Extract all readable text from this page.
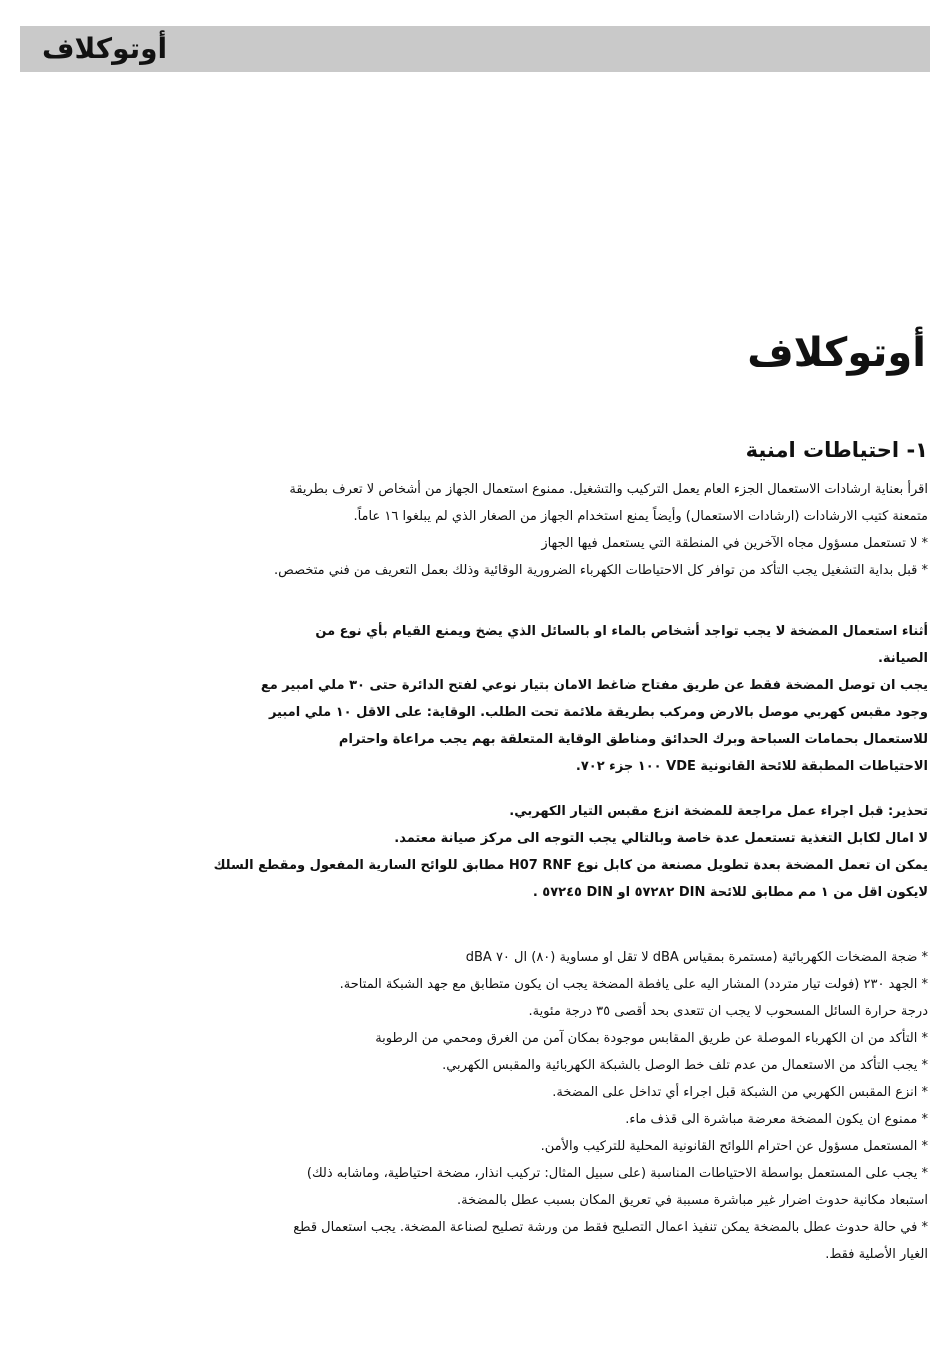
أوتوكلاف
أوتوكلاف
١- احتياطات امنية
اقرأ بعناية ارشادات الاستعمال الجزء العام يعمل التركيب والتشغيل. ممنوع استعمال الجهاز من أشخاص لا تعرف بطريقة
متمعنة كتيب الارشادات (ارشادات الاستعمال) وأيضاً يمنع استخدام الجهاز من الصغار الذي لم يبلغوا ١٦ عاماً.
* لا تستعمل مسؤول مجاه الآخرين في المنطقة التي يستعمل فيها الجهاز
* قبل بداية التشغيل يجب التأكد من توافر كل الاحتياطات الكهرباء الضرورية الوقائية وذلك بعمل التعريف من فني متخصص.
أثناء استعمال المضخة لا يجب تواجد أشخاص بالماء او بالسائل الذي يضخ ويمنع القيام بأي نوع من
الصيانة.
يجب ان توصل المضخة فقط عن طريق مفتاح ضاغط الامان بتيار نوعي لفتح الدائرة حتى ٣٠ ملي امبير مع
وجود مقبس كهربي موصل بالارض ومركب بطريقة ملائمة تحت الطلب. الوقاية: على الاقل ١٠ ملي امبير
للاستعمال بحمامات السباحة وبرك الحدائق ومناطق الوقاية المتعلقة بهم يجب مراعاة واحترام
الاحتياطات المطبقة للائحة القانونية VDE ١٠٠ جزء ٧٠٢.
تحذير: قبل اجراء عمل مراجعة للمضخة انزع مقبس التيار الكهربي.
لا امال لكابل التغذية تستعمل عدة خاصة وبالتالي يجب التوجه الى مركز صيانة معتمد.
يمكن ان تعمل المضخة بعدة تطويل مصنعة من كابل نوع H07 RNF مطابق للوائح السارية المفعول ومقطع السلك
لايكون اقل من ١ مم مطابق للائحة DIN ٥٧٢٨٢ او DIN ٥٧٢٤٥ .
* ضجة المضخات الكهربائية (مستمرة بمقياس dBA لا تقل او مساوية (٨٠) ال ٧٠ dBA
* الجهد ٢٣٠ (فولت تيار متردد) المشار اليه على يافطة المضخة يجب ان يكون متطابق مع جهد الشبكة المتاحة.
درجة حرارة السائل المسحوب لا يجب ان تتعدى بحد أقصى ٣٥ درجة مئوية.
* التأكد من ان الكهرباء الموصلة عن طريق المقابس موجودة بمكان آمن من الغرق ومحمي من الرطوبة
* يجب التأكد من الاستعمال من عدم تلف خط الوصل بالشبكة الكهربائية والمقبس الكهربي.
* انزع المقبس الكهربي من الشبكة قبل اجراء أي تداخل على المضخة.
* ممنوع ان يكون المضخة معرضة مباشرة الى قذف ماء.
* المستعمل مسؤول عن احترام اللوائح القانونية المحلية للتركيب والأمن.
* يجب على المستعمل بواسطة الاحتياطات المناسبة (على سبيل المثال: تركيب انذار، مضخة احتياطية، وماشابه ذلك)
استبعاد مكانية حدوث اضرار غير مباشرة مسببة في تعريق المكان بسبب عطل بالمضخة.
* في حالة حدوث عطل بالمضخة يمكن تنفيذ اعمال التصليح فقط من ورشة تصليح لصناعة المضخة. يجب استعمال قطع
الغيار الأصلية فقط.
